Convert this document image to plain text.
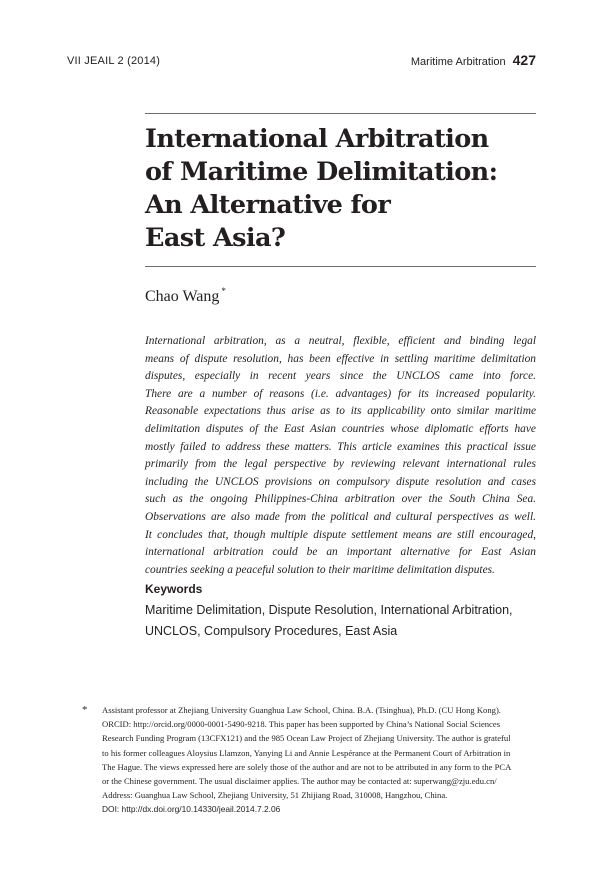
VII JEAIL 2 (2014)	Maritime Arbitration 427
International Arbitration
of Maritime Delimitation:
An Alternative for
East Asia?
Chao Wang *

International arbitration, as a neutral, flexible, efficient and binding legal
means of dispute resolution, has been effective in settling maritime delimitation
disputes, especially in recent years since the UNCLOS came into force.
There are a number of reasons (i.e. advantages) for its increased popularity.
Reasonable expectations thus arise as to its applicability onto similar maritime
delimitation disputes of the East Asian countries whose diplomatic efforts have
mostly failed to address these matters. This article examines this practical issue
primarily from the legal perspective by reviewing relevant international rules
including the UNCLOS provisions on compulsory dispute resolution and cases
such as the ongoing Philippines-China arbitration over the South China Sea.
Observations are also made from the political and cultural perspectives as well.
It concludes that, though multiple dispute settlement means are still encouraged,
international arbitration could be an important alternative for East Asian
countries seeking a peaceful solution to their maritime delimitation disputes.

Keywords
Maritime Delimitation, Dispute Resolution, International Arbitration,
UNCLOS, Compulsory Procedures, East Asia
* Assistant professor at Zhejiang University Guanghua Law School, China. B.A. (Tsinghua), Ph.D. (CU Hong Kong).
ORCID: http://orcid.org/0000-0001-5490-9218. This paper has been supported by China’s National Social Sciences
Research Funding Program (13CFX121) and the 985 Ocean Law Project of Zhejiang University. The author is grateful
to his former colleagues Aloysius Llamzon, Yanying Li and Annie Lespérance at the Permanent Court of Arbitration in
The Hague. The views expressed here are solely those of the author and are not to be attributed in any form to the PCA
or the Chinese government. The usual disclaimer applies. The author may be contacted at: superwang@zju.edu.cn/
Address: Guanghua Law School, Zhejiang University, 51 Zhijiang Road, 310008, Hangzhou, China.
DOI: http://dx.doi.org/10.14330/jeail.2014.7.2.06
